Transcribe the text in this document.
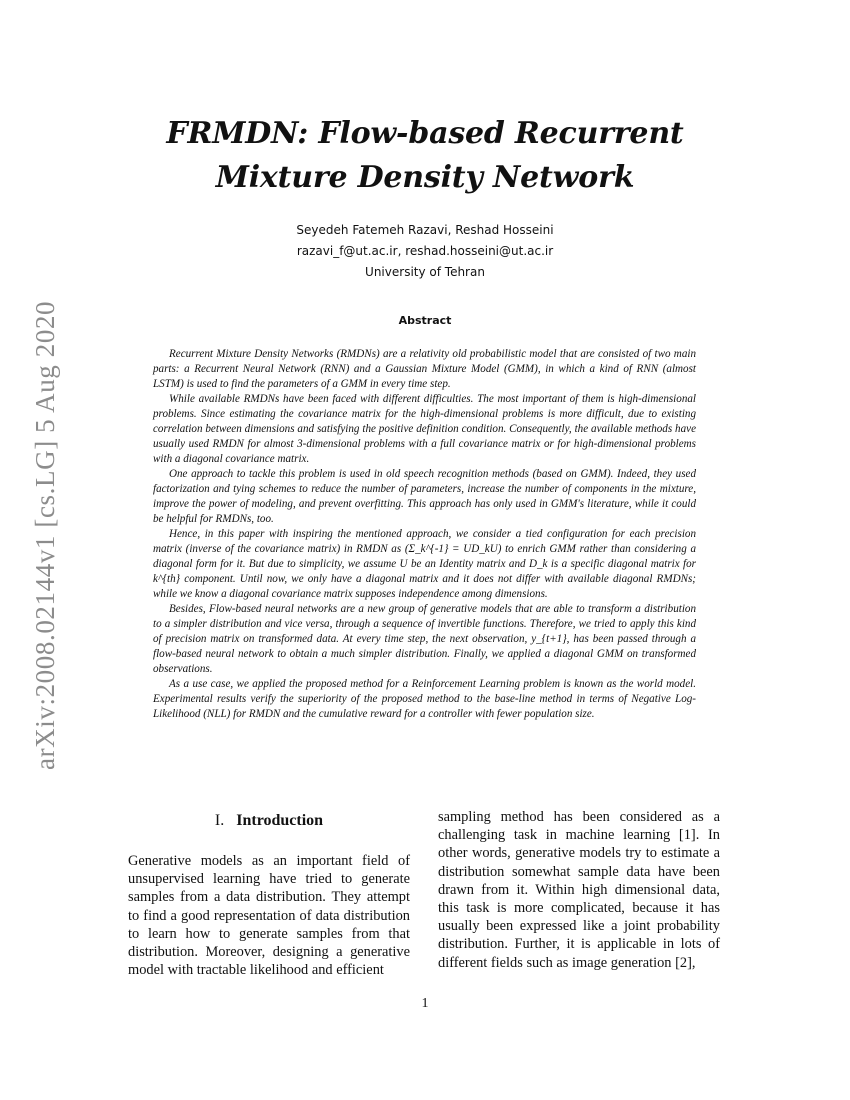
arXiv:2008.02144v1 [cs.LG] 5 Aug 2020
FRMDN: Flow-based Recurrent Mixture Density Network
Seyedeh Fatemeh Razavi, Reshad Hosseini
razavi_f@ut.ac.ir, reshad.hosseini@ut.ac.ir
University of Tehran
Abstract

Recurrent Mixture Density Networks (RMDNs) are a relativity old probabilistic model that are consisted of two main parts: a Recurrent Neural Network (RNN) and a Gaussian Mixture Model (GMM), in which a kind of RNN (almost LSTM) is used to find the parameters of a GMM in every time step.

While available RMDNs have been faced with different difficulties. The most important of them is high-dimensional problems. Since estimating the covariance matrix for the high-dimensional problems is more difficult, due to existing correlation between dimensions and satisfying the positive definition condition. Consequently, the available methods have usually used RMDN for almost 3-dimensional problems with a full covariance matrix or for high-dimensional problems with a diagonal covariance matrix.

One approach to tackle this problem is used in old speech recognition methods (based on GMM). Indeed, they used factorization and tying schemes to reduce the number of parameters, increase the number of components in the mixture, improve the power of modeling, and prevent overfitting. This approach has only used in GMM's literature, while it could be helpful for RMDNs, too.

Hence, in this paper with inspiring the mentioned approach, we consider a tied configuration for each precision matrix (inverse of the covariance matrix) in RMDN as (Σ_k^{-1} = UD_kU) to enrich GMM rather than considering a diagonal form for it. But due to simplicity, we assume U be an Identity matrix and D_k is a specific diagonal matrix for k^{th} component. Until now, we only have a diagonal matrix and it does not differ with available diagonal RMDNs; while we know a diagonal covariance matrix supposes independence among dimensions.

Besides, Flow-based neural networks are a new group of generative models that are able to transform a distribution to a simpler distribution and vice versa, through a sequence of invertible functions. Therefore, we tried to apply this kind of precision matrix on transformed data. At every time step, the next observation, y_{t+1}, has been passed through a flow-based neural network to obtain a much simpler distribution. Finally, we applied a diagonal GMM on transformed observations.

As a use case, we applied the proposed method for a Reinforcement Learning problem is known as the world model. Experimental results verify the superiority of the proposed method to the base-line method in terms of Negative Log-Likelihood (NLL) for RMDN and the cumulative reward for a controller with fewer population size.

I. Introduction

Generative models as an important field of unsupervised learning have tried to generate samples from a data distribution. They attempt to find a good representation of data distribution to learn how to generate samples from that distribution. Moreover, designing a generative model with tractable likelihood and efficient

sampling method has been considered as a challenging task in machine learning [1]. In other words, generative models try to estimate a distribution somewhat sample data have been drawn from it. Within high dimensional data, this task is more complicated, because it has usually been expressed like a joint probability distribution. Further, it is applicable in lots of different fields such as image generation [2],

1
